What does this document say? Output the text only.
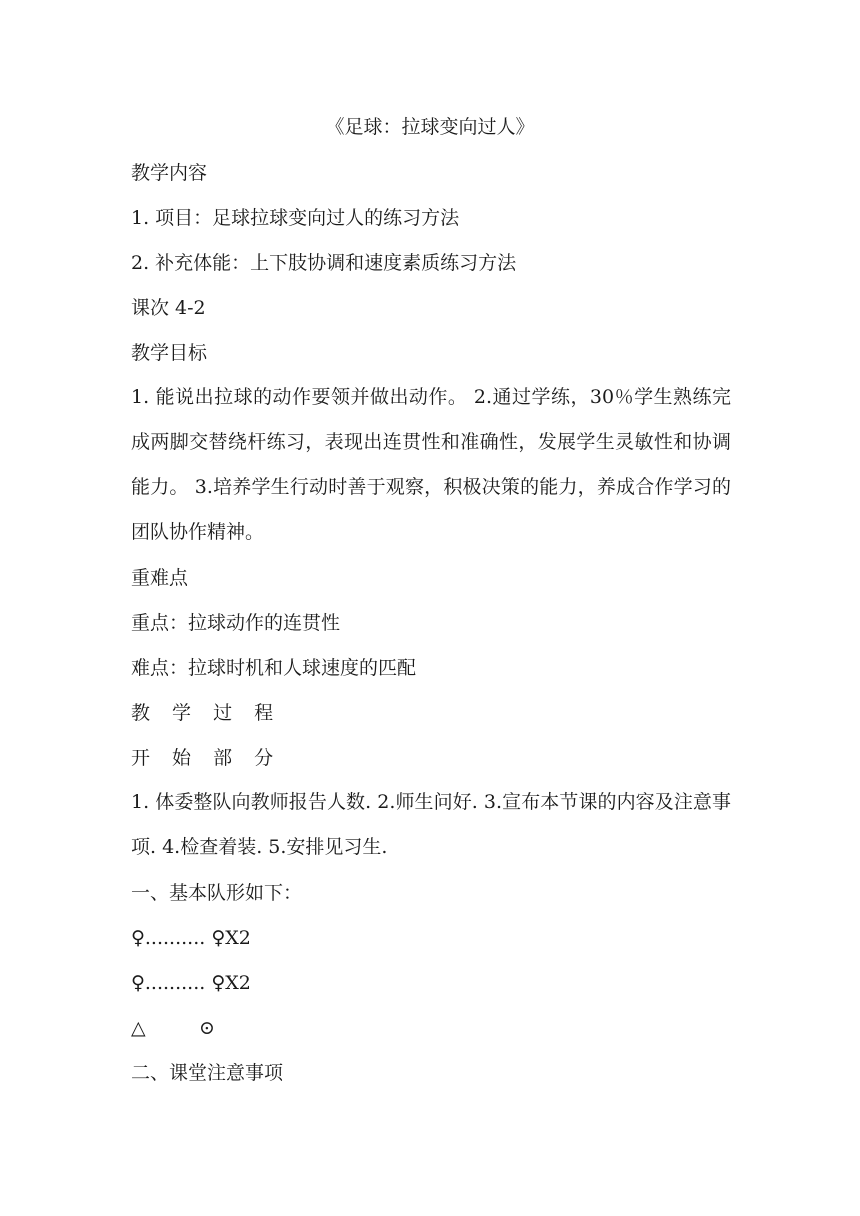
《足球：拉球变向过人》
教学内容
1. 项目：足球拉球变向过人的练习方法
2. 补充体能：上下肢协调和速度素质练习方法
课次 4-2
教学目标
1. 能说出拉球的动作要领并做出动作。 2.通过学练，30％学生熟练完成两脚交替绕杆练习，表现出连贯性和准确性，发展学生灵敏性和协调能力。 3.培养学生行动时善于观察，积极决策的能力，养成合作学习的团队协作精神。
重难点
重点：拉球动作的连贯性
难点：拉球时机和人球速度的匹配
教 学 过 程
开 始 部 分
1. 体委整队向教师报告人数. 2.师生问好. 3.宣布本节课的内容及注意事项. 4.检查着装. 5.安排见习生.
一、基本队形如下：
♀.......... ♀X2
♀.......... ♀X2
△	⊙
二、课堂注意事项
